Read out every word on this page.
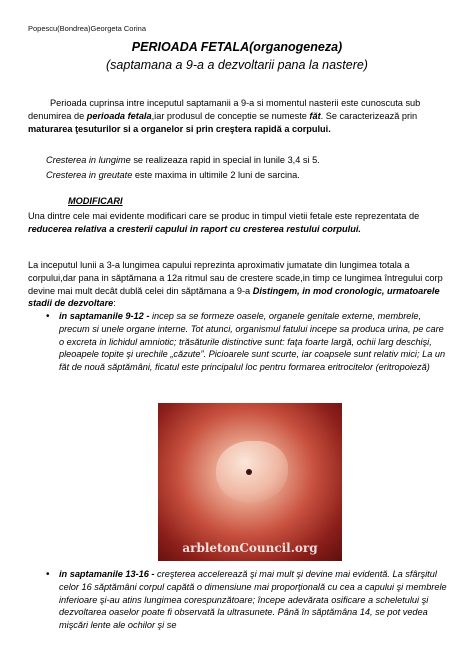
Popescu(Bondrea)Georgeta Corina
PERIOADA FETALA(organogeneza)
(saptamana a 9-a a dezvoltarii pana la nastere)
Perioada cuprinsa intre inceputul saptamanii a 9-a si momentul nasterii este cunoscuta sub denumirea de perioada fetala,iar produsul de conceptie se numeste făt. Se caracterizează prin maturarea ţesuturilor si a organelor si prin creştera rapidă a corpului.
Cresterea in lungime se realizeaza rapid in special in lunile 3,4 si 5.
Cresterea in greutate este maxima in ultimile 2 luni de sarcina.
MODIFICARI
Una dintre cele mai evidente modificari care se produc in timpul vietii fetale este reprezentata de reducerea relativa a cresterii capului in raport cu cresterea restului corpului.
La inceputul lunii a 3-a lungimea capului reprezinta aproximativ jumatate din lungimea totala a corpului,dar pana in săptămana a 12a ritmul sau de crestere scade,in timp ce lungimea întregului corp devine mai mult decât dublă celei din săptămana a 9-a Distingem, in mod cronologic, urmatoarele stadii de dezvoltare:
• in saptamanile 9-12 - incep sa se formeze oasele, organele genitale externe, membrele, precum si unele organe interne. Tot atunci, organismul fatului incepe sa produca urina, pe care o excreta in lichidul amniotic; trăsăturile distinctive sunt: faţa foarte largă, ochii larg deschişi, pleoapele topite şi urechile „căzute”. Picioarele sunt scurte, iar coapsele sunt relativ mici; La un făt de nouă săptămâni, ficatul este principalul loc pentru formarea eritrocitelor (eritropoieză)
arbletonCouncil.org
• in saptamanile 13-16 - creşterea accelerează şi mai mult şi devine mai evidentă. La sfârşitul celor 16 săptămâni corpul capătă o dimensiune mai proporţională cu cea a capului şi membrele inferioare şi-au atins lungimea corespunzătoare; începe adevărata osificare a scheletului şi dezvoltarea oaselor poate fi observată la ultrasunete. Până în săptămâna 14, se pot vedea mişcări lente ale ochilor şi se
